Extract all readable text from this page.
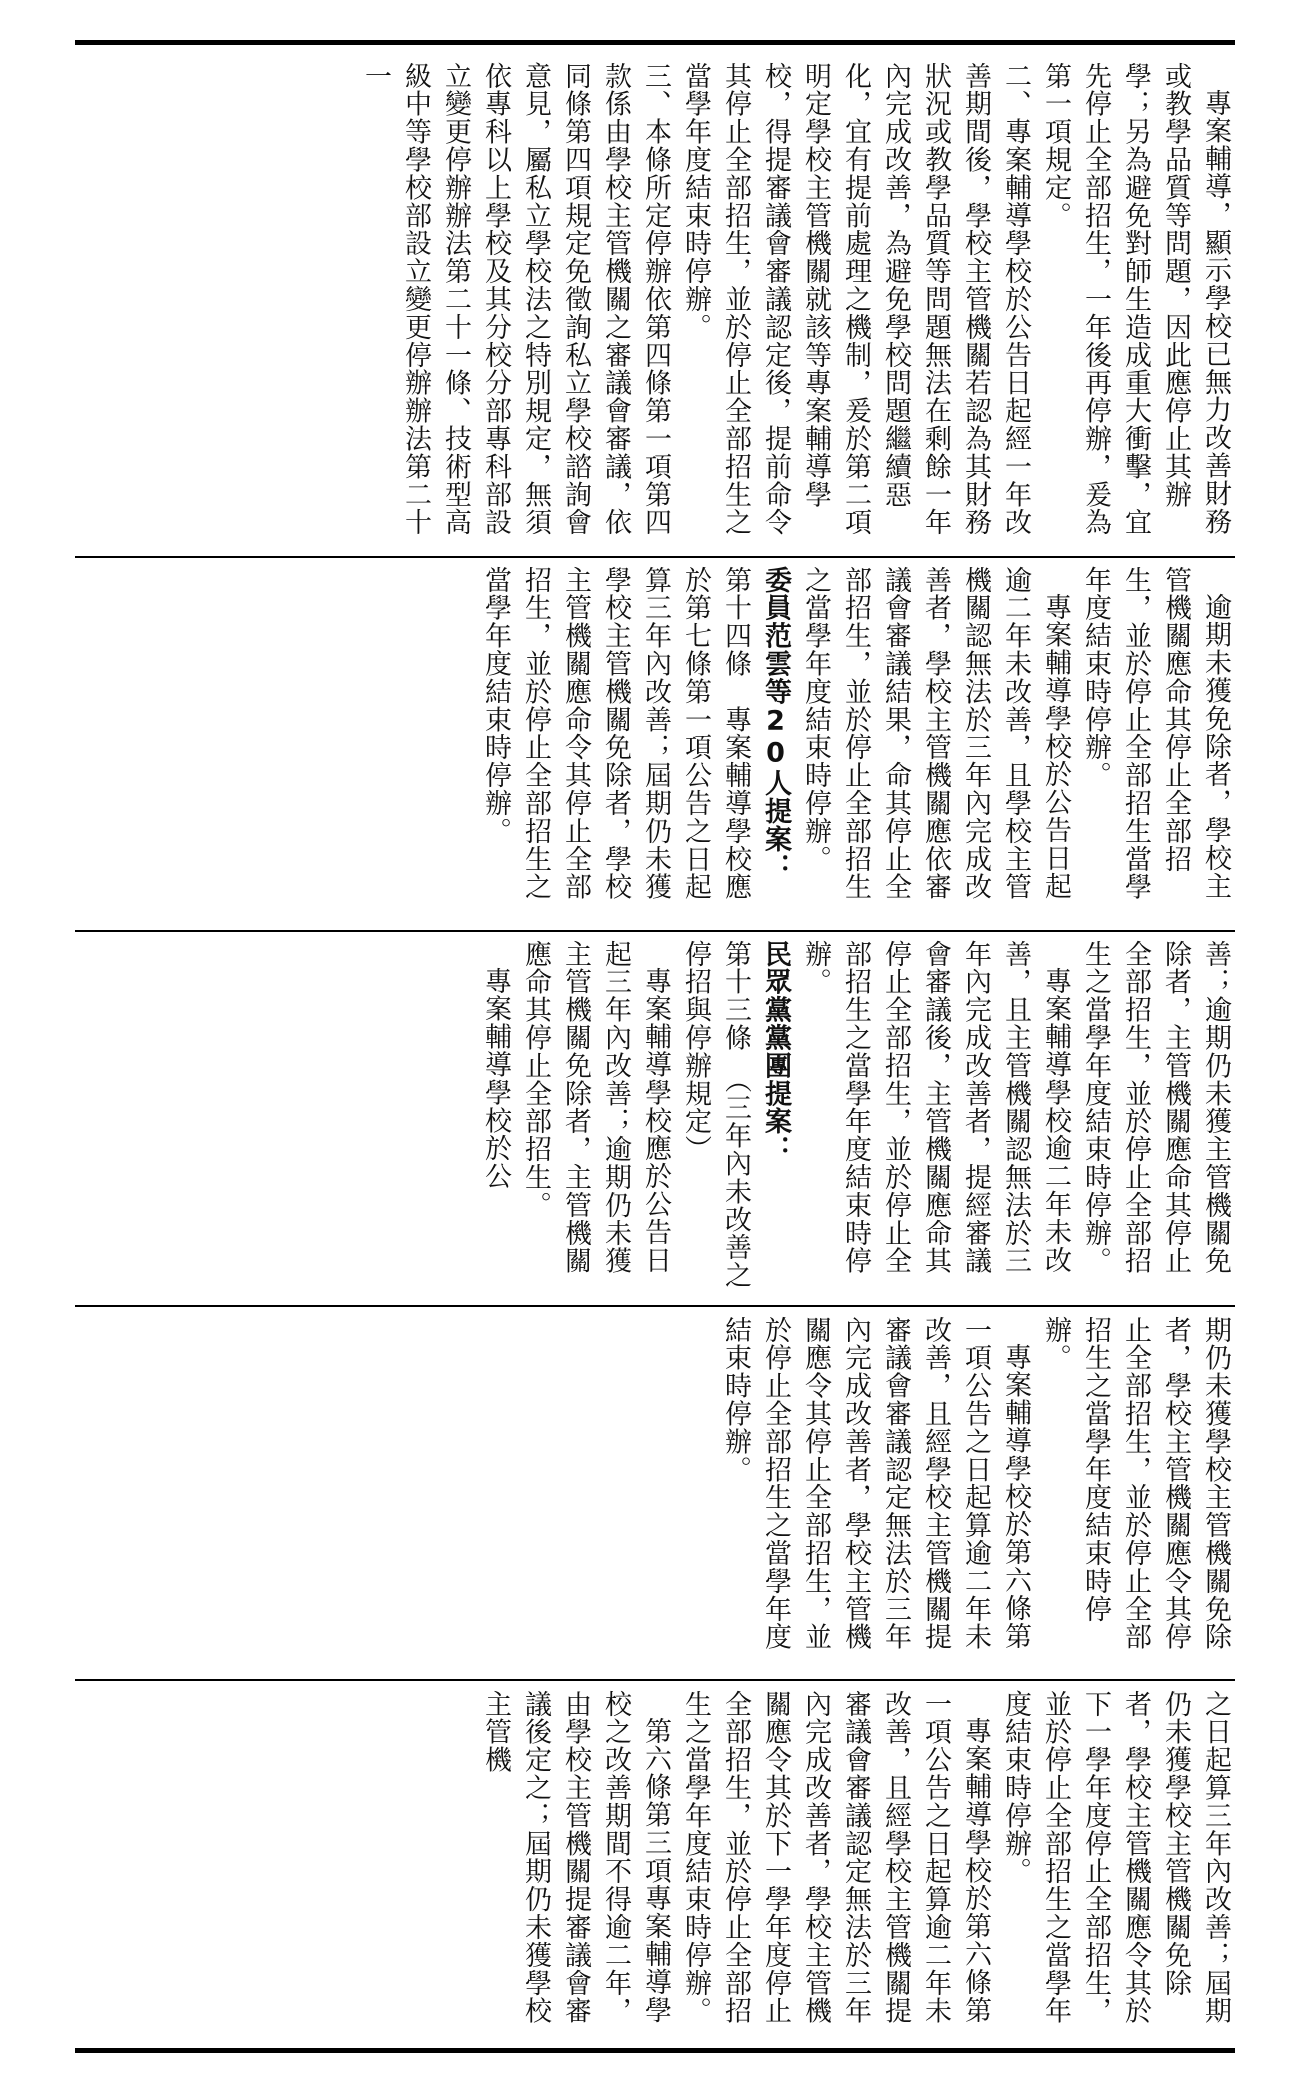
專案輔導，顯示學校已無力改善財務或教學品質等問題，因此應停止其辦學；另為避免對師生造成重大衝擊，宜先停止全部招生，一年後再停辦，爰為第一項規定。

二、專案輔導學校於公告日起經一年改善期間後，學校主管機關若認為其財務狀況或教學品質等問題無法在剩餘一年內完成改善，為避免學校問題繼續惡化，宜有提前處理之機制，爰於第二項明定學校主管機關就該等專案輔導學校，得提審議會審議認定後，提前命令其停止全部招生，並於停止全部招生之當學年度結束時停辦。

三、本條所定停辦依第四條第一項第四款係由學校主管機關之審議會審議，依同條第四項規定免徵詢私立學校諮詢會意見，屬私立學校法之特別規定，無須依專科以上學校及其分校分部專科部設立變更停辦辦法第二十一條、技術型高級中等學校部設立變更停辦辦法第二十一

逾期未獲免除者，學校主管機關應命其停止全部招生，並於停止全部招生當學年度結束時停辦。

專案輔導學校於公告日起逾二年未改善，且學校主管機關認無法於三年內完成改善者，學校主管機關應依審議會審議結果，命其停止全部招生，並於停止全部招生之當學年度結束時停辦。

委員范雲等20人提案：

第十四條　專案輔導學校應於第七條第一項公告之日起算三年內改善；屆期仍未獲學校主管機關免除者，學校主管機關應命令其停止全部招生，並於停止全部招生之當學年度結束時停辦。

善；逾期仍未獲主管機關免除者，主管機關應命其停止全部招生，並於停止全部招生之當學年度結束時停辦。

專案輔導學校逾二年未改善，且主管機關認無法於三年內完成改善者，提經審議會審議後，主管機關應命其停止全部招生，並於停止全部招生之當學年度結束時停辦。

民眾黨黨團提案：

第十三條　（三年內未改善之停招與停辦規定）

專案輔導學校應於公告日起三年內改善；逾期仍未獲主管機關免除者，主管機關應命其停止全部招生。

專案輔導學校於公

期仍未獲學校主管機關免除者，學校主管機關應令其停止全部招生，並於停止全部招生之當學年度結束時停辦。

專案輔導學校於第六條第一項公告之日起算逾二年未改善，且經學校主管機關提審議會審議認定無法於三年內完成改善者，學校主管機關應令其停止全部招生，並於停止全部招生之當學年度結束時停辦。

之日起算三年內改善；屆期仍未獲學校主管機關免除者，學校主管機關應令其於下一學年度停止全部招生，並於停止全部招生之當學年度結束時停辦。

專案輔導學校於第六條第一項公告之日起算逾二年未改善，且經學校主管機關提審議會審議認定無法於三年內完成改善者，學校主管機關應令其於下一學年度停止全部招生，並於停止全部招生之當學年度結束時停辦。

第六條第三項專案輔導學校之改善期間不得逾二年，由學校主管機關提審議會審議後定之；屆期仍未獲學校主管機
